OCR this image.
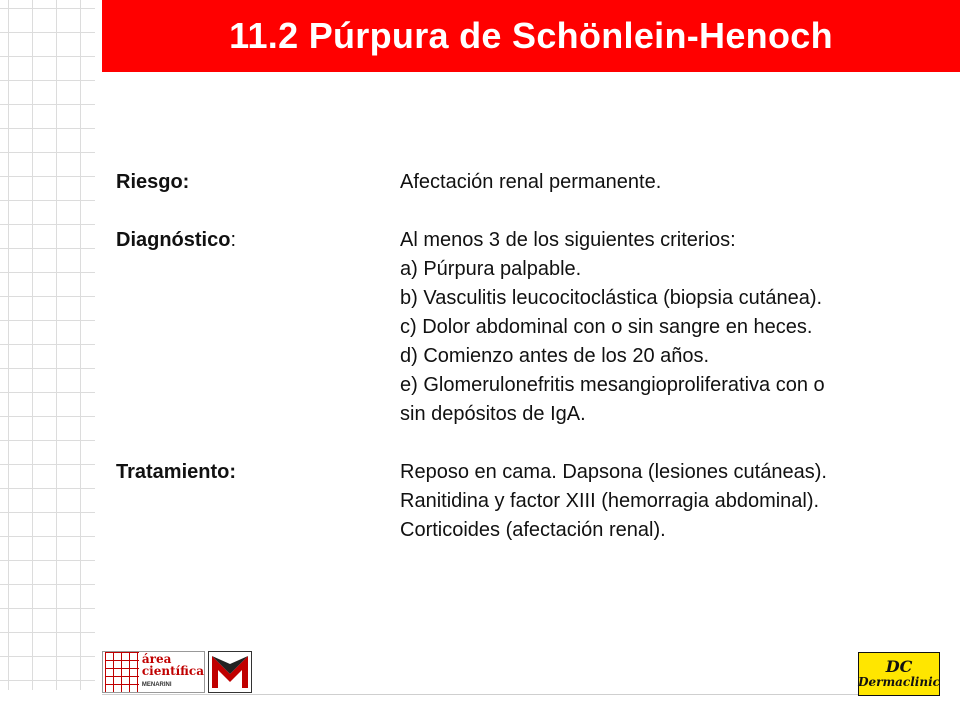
11.2 Púrpura de Schönlein-Henoch
Riesgo:	Afectación renal permanente.
Diagnóstico:	Al menos 3 de los siguientes criterios:
a) Púrpura palpable.
b) Vasculitis leucocitoclástica (biopsia cutánea).
c) Dolor abdominal con o sin sangre en heces.
d) Comienzo antes de los 20 años.
e) Glomerulonefritis mesangioproliferativa con o
sin depósitos de IgA.
Tratamiento:	Reposo en cama. Dapsona (lesiones cutáneas).
Ranitidina y factor XIII (hemorragia abdominal).
Corticoides (afectación renal).
área
científica
MENARINI
DC
Dermaclinic
